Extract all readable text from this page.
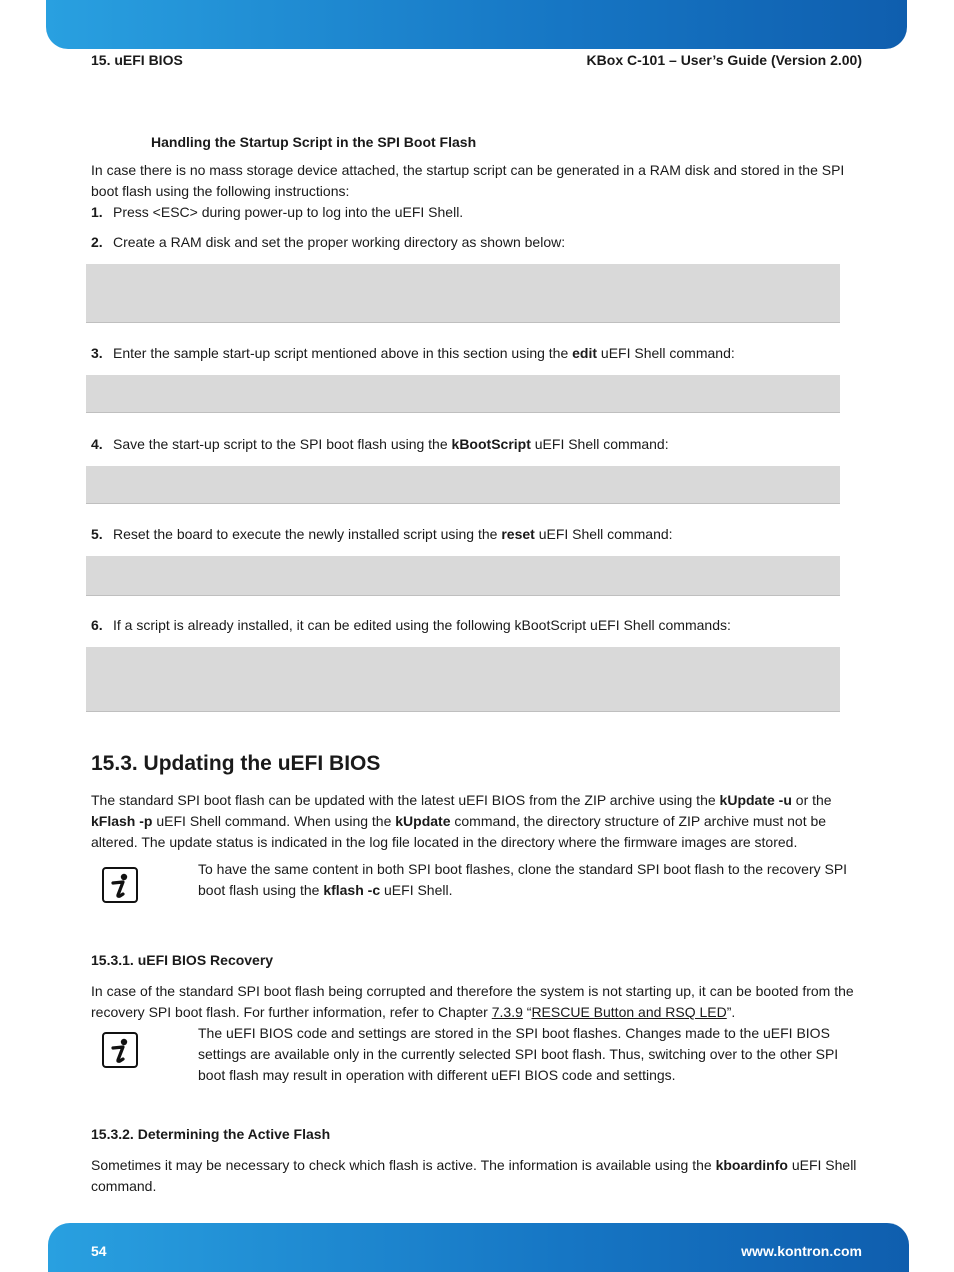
15. uEFI BIOS	KBox C-101 – User’s Guide (Version 2.00)
Handling the Startup Script in the SPI Boot Flash
In case there is no mass storage device attached, the startup script can be generated in a RAM disk and stored in the SPI boot flash using the following instructions:
1. Press <ESC> during power-up to log into the uEFI Shell.
2. Create a RAM disk and set the proper working directory as shown below:
3. Enter the sample start-up script mentioned above in this section using the edit uEFI Shell command:
4. Save the start-up script to the SPI boot flash using the kBootScript uEFI Shell command:
5. Reset the board to execute the newly installed script using the reset uEFI Shell command:
6. If a script is already installed, it can be edited using the following kBootScript uEFI Shell commands:
15.3. Updating the uEFI BIOS
The standard SPI boot flash can be updated with the latest uEFI BIOS from the ZIP archive using the kUpdate -u or the kFlash -p uEFI Shell command. When using the kUpdate command, the directory structure of ZIP archive must not be altered. The update status is indicated in the log file located in the directory where the firmware images are stored.
To have the same content in both SPI boot flashes, clone the standard SPI boot flash to the recovery SPI boot flash using the kflash -c uEFI Shell.
15.3.1. uEFI BIOS Recovery
In case of the standard SPI boot flash being corrupted and therefore the system is not starting up, it can be booted from the recovery SPI boot flash. For further information, refer to Chapter 7.3.9 “RESCUE Button and RSQ LED”.
The uEFI BIOS code and settings are stored in the SPI boot flashes. Changes made to the uEFI BIOS settings are available only in the currently selected SPI boot flash. Thus, switching over to the other SPI boot flash may result in operation with different uEFI BIOS code and settings.
15.3.2. Determining the Active Flash
Sometimes it may be necessary to check which flash is active. The information is available using the kboardinfo uEFI Shell command.
54	www.kontron.com
